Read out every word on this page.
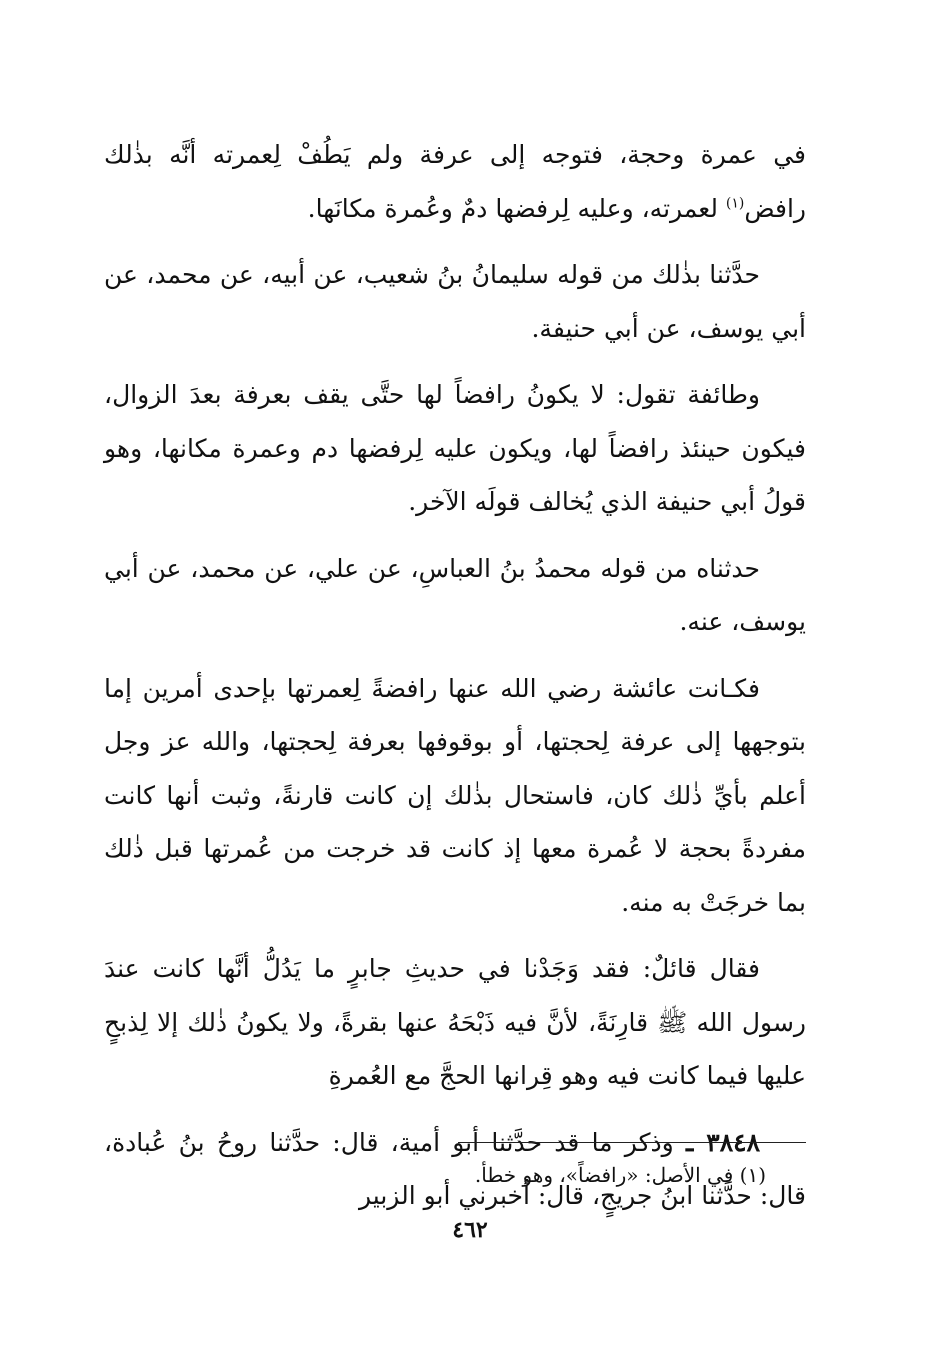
في عمرة وحجة، فتوجه إلى عرفة ولم يَطُفْ لِعمرته أنَّه بذٰلك رافض$^{(١)}$ لعمرته، وعليه لِرفضها دمٌ وعُمرة مكانَها.

حدَّثنا بذٰلك من قوله سليمانُ بنُ شعيب، عن أبيه، عن محمد، عن أبي يوسف، عن أبي حنيفة.

وطائفة تقول: لا يكونُ رافضاً لها حتَّى يقف بعرفة بعدَ الزوال، فيكون حينئذ رافضاً لها، ويكون عليه لِرفضها دم وعمرة مكانها، وهو قولُ أبي حنيفة الذي يُخالف قولَه الآخر.

حدثناه من قوله محمدُ بنُ العباسِ، عن علي، عن محمد، عن أبي يوسف، عنه.

فكـانت عائشة رضي الله عنها رافضةً لِعمرتها بإحدى أمرين إما بتوجهها إلى عرفة لِحجتها، أو بوقوفها بعرفة لِحجتها، والله عز وجل أعلم بأيِّ ذٰلك كان، فاستحال بذٰلك إن كانت قارنةً، وثبت أنها كانت مفردةً بحجة لا عُمرة معها إذ كانت قد خرجت من عُمرتها قبل ذٰلك بما خرجَتْ به منه.

فقال قائلٌ: فقد وَجَدْنا في حديثِ جابرٍ ما يَدُلُّ أنَّها كانت عندَ رسول الله ﷺ قارِنَةً، لأنَّ فيه ذَبْحَهُ عنها بقرةً، ولا يكونُ ذٰلك إلا لِذبحٍ عليها فيما كانت فيه وهو قِرانها الحجَّ مع العُمرةِ

٣٨٤٨ ـ وذكر ما قد حدَّثنا أبو أمية، قال: حدَّثنا روحُ بنُ عُبادة، قال: حدَّثنا ابنُ جريجٍ، قال: أخبرني أبو الزبير

(١) في الأصل: «رافضاً»، وهو خطأ.
٤٦٢
